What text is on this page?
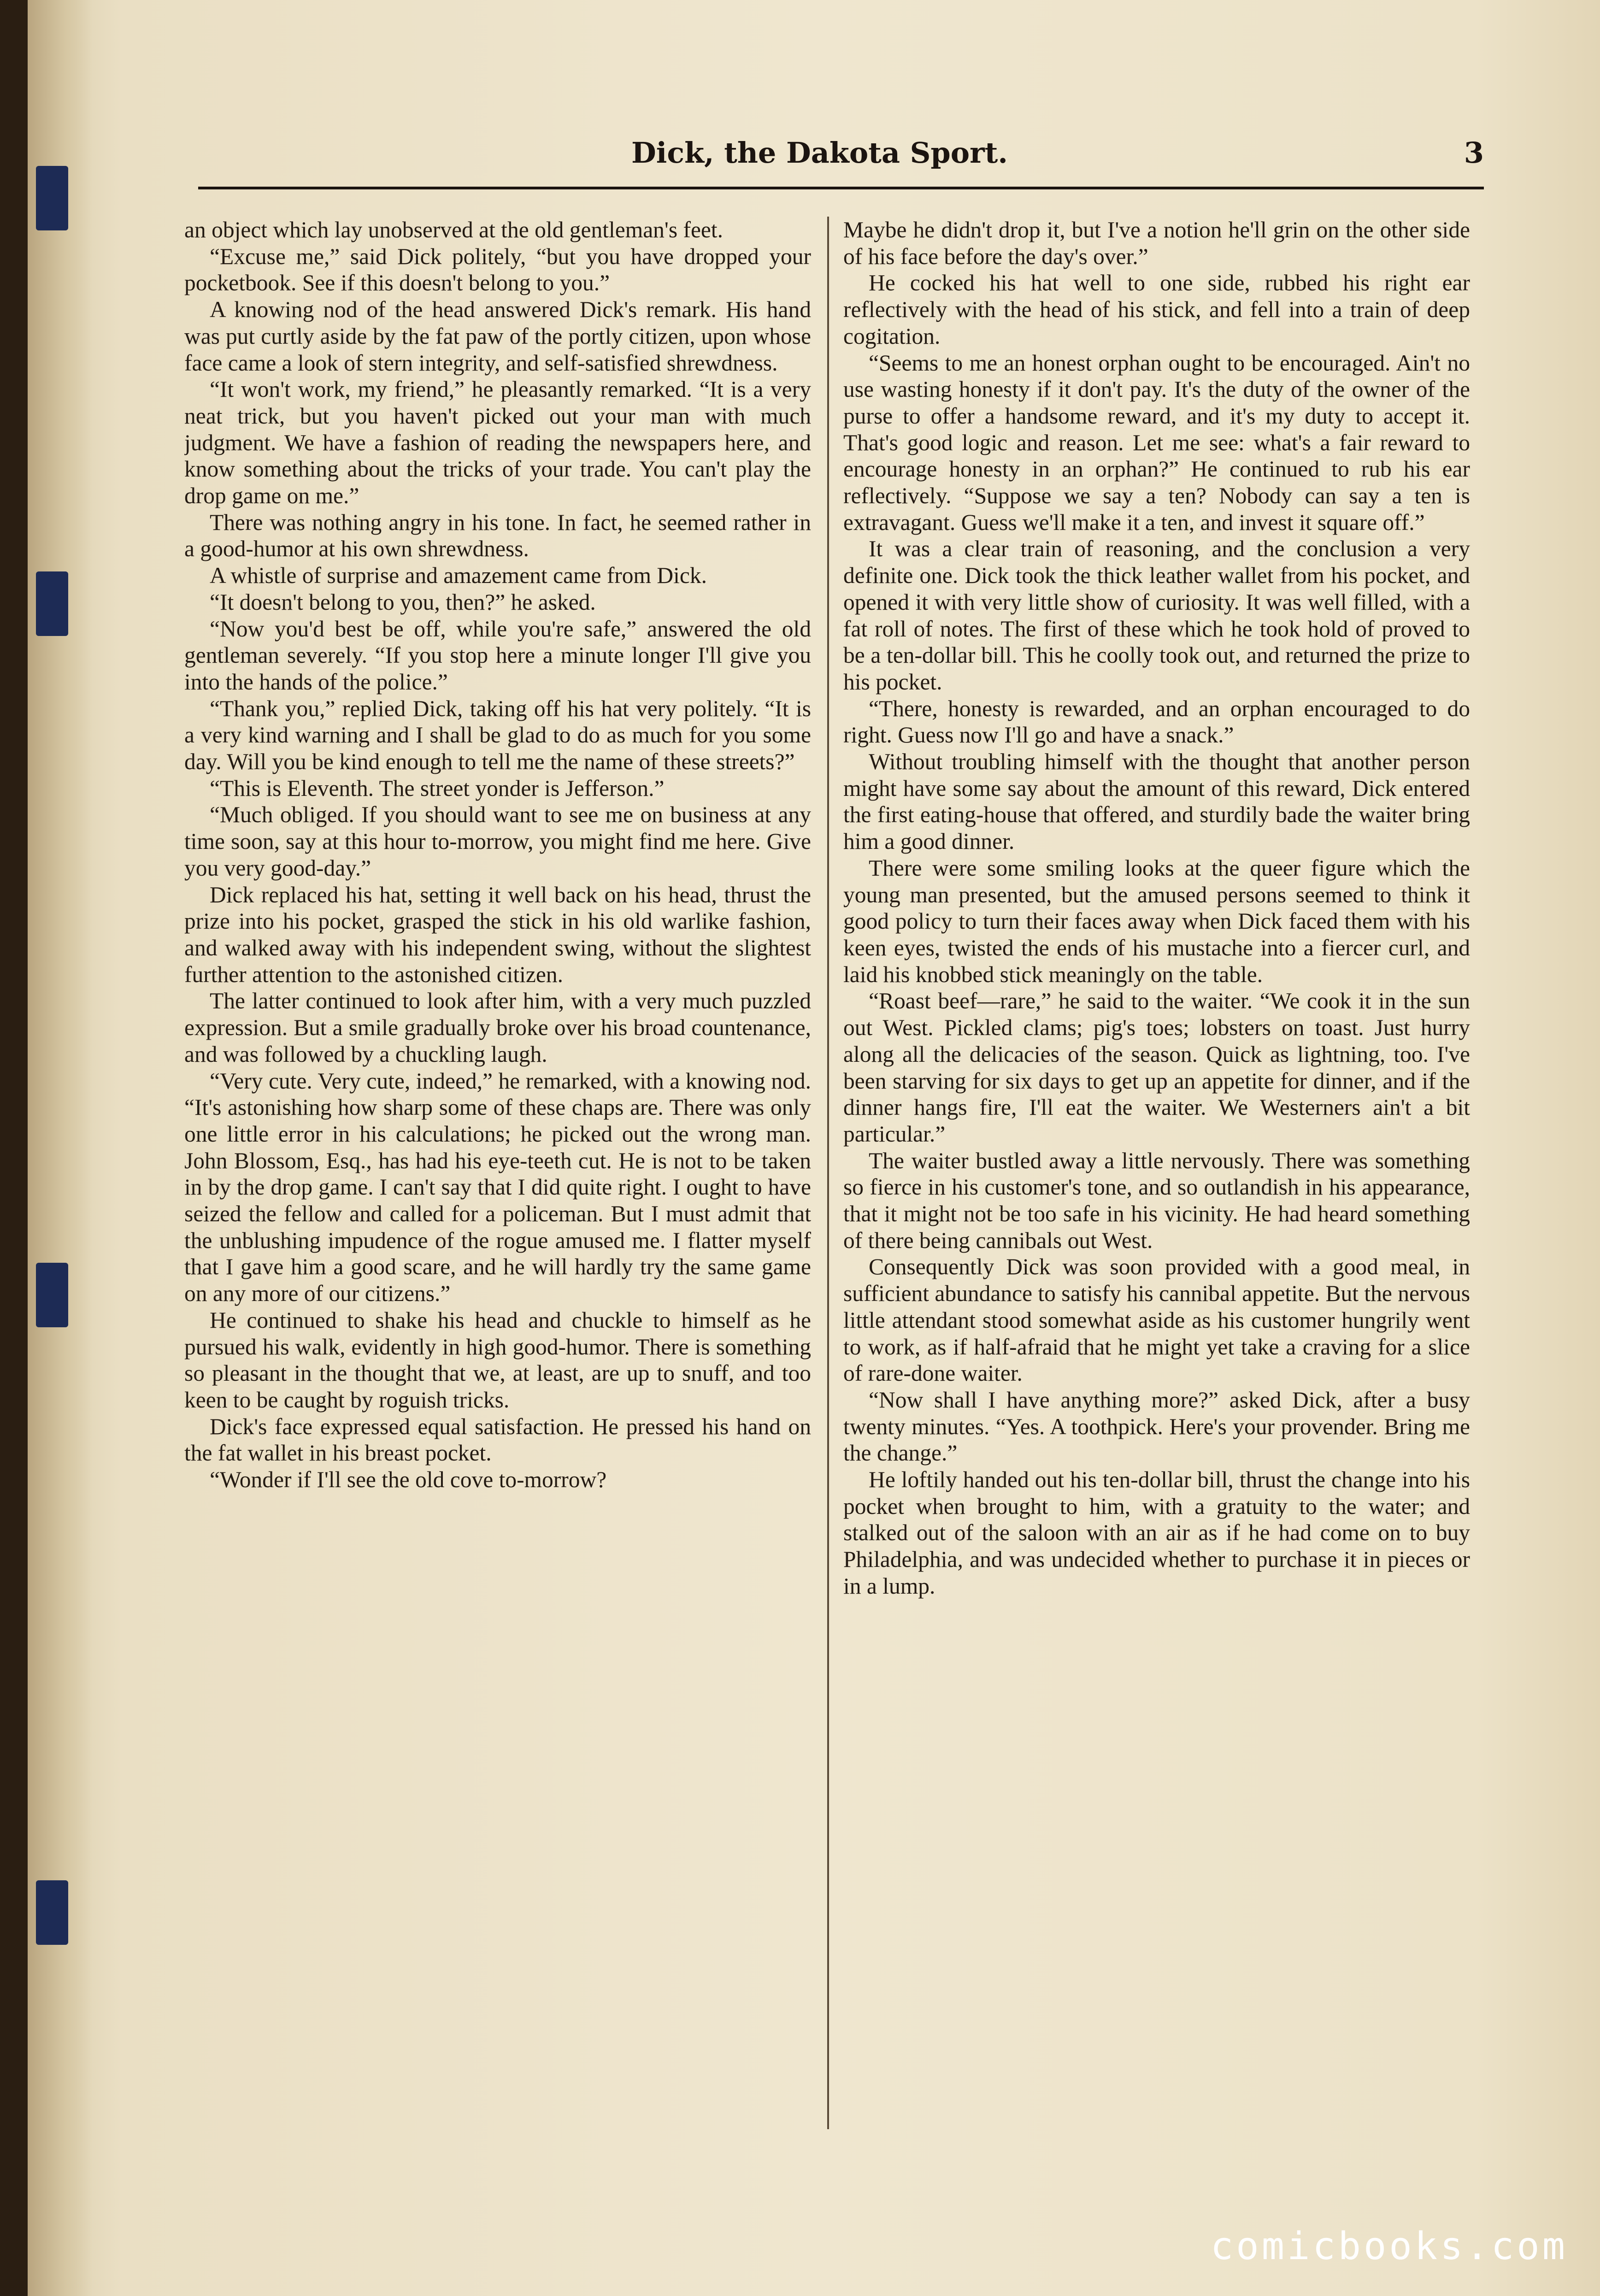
Dick, the Dakota Sport.	3

an object which lay unobserved at the old gentleman's feet.

“Excuse me,” said Dick politely, “but you have dropped your pocketbook. See if this doesn't belong to you.”

A knowing nod of the head answered Dick's remark. His hand was put curtly aside by the fat paw of the portly citizen, upon whose face came a look of stern integrity, and self-satisfied shrewdness.

“It won't work, my friend,” he pleasantly remarked. “It is a very neat trick, but you haven't picked out your man with much judgment. We have a fashion of reading the newspapers here, and know something about the tricks of your trade. You can't play the drop game on me.”

There was nothing angry in his tone. In fact, he seemed rather in a good-humor at his own shrewdness.

A whistle of surprise and amazement came from Dick.

“It doesn't belong to you, then?” he asked.

“Now you'd best be off, while you're safe,” answered the old gentleman severely. “If you stop here a minute longer I'll give you into the hands of the police.”

“Thank you,” replied Dick, taking off his hat very politely. “It is a very kind warning and I shall be glad to do as much for you some day. Will you be kind enough to tell me the name of these streets?”

“This is Eleventh. The street yonder is Jefferson.”

“Much obliged. If you should want to see me on business at any time soon, say at this hour to-morrow, you might find me here. Give you very good-day.”

Dick replaced his hat, setting it well back on his head, thrust the prize into his pocket, grasped the stick in his old warlike fashion, and walked away with his independent swing, without the slightest further attention to the astonished citizen.

The latter continued to look after him, with a very much puzzled expression. But a smile gradually broke over his broad countenance, and was followed by a chuckling laugh.

“Very cute. Very cute, indeed,” he remarked, with a knowing nod. “It's astonishing how sharp some of these chaps are. There was only one little error in his calculations; he picked out the wrong man. John Blossom, Esq., has had his eye-teeth cut. He is not to be taken in by the drop game. I can't say that I did quite right. I ought to have seized the fellow and called for a policeman. But I must admit that the unblushing impudence of the rogue amused me. I flatter myself that I gave him a good scare, and he will hardly try the same game on any more of our citizens.”

He continued to shake his head and chuckle to himself as he pursued his walk, evidently in high good-humor. There is something so pleasant in the thought that we, at least, are up to snuff, and too keen to be caught by roguish tricks.

Dick's face expressed equal satisfaction. He pressed his hand on the fat wallet in his breast pocket.

“Wonder if I'll see the old cove to-morrow?

Maybe he didn't drop it, but I've a notion he'll grin on the other side of his face before the day's over.”

He cocked his hat well to one side, rubbed his right ear reflectively with the head of his stick, and fell into a train of deep cogitation.

“Seems to me an honest orphan ought to be encouraged. Ain't no use wasting honesty if it don't pay. It's the duty of the owner of the purse to offer a handsome reward, and it's my duty to accept it. That's good logic and reason. Let me see: what's a fair reward to encourage honesty in an orphan?” He continued to rub his ear reflectively. “Suppose we say a ten? Nobody can say a ten is extravagant. Guess we'll make it a ten, and invest it square off.”

It was a clear train of reasoning, and the conclusion a very definite one. Dick took the thick leather wallet from his pocket, and opened it with very little show of curiosity. It was well filled, with a fat roll of notes. The first of these which he took hold of proved to be a ten-dollar bill. This he coolly took out, and returned the prize to his pocket.

“There, honesty is rewarded, and an orphan encouraged to do right. Guess now I'll go and have a snack.”

Without troubling himself with the thought that another person might have some say about the amount of this reward, Dick entered the first eating-house that offered, and sturdily bade the waiter bring him a good dinner.

There were some smiling looks at the queer figure which the young man presented, but the amused persons seemed to think it good policy to turn their faces away when Dick faced them with his keen eyes, twisted the ends of his mustache into a fiercer curl, and laid his knobbed stick meaningly on the table.

“Roast beef—rare,” he said to the waiter. “We cook it in the sun out West. Pickled clams; pig's toes; lobsters on toast. Just hurry along all the delicacies of the season. Quick as lightning, too. I've been starving for six days to get up an appetite for dinner, and if the dinner hangs fire, I'll eat the waiter. We Westerners ain't a bit particular.”

The waiter bustled away a little nervously. There was something so fierce in his customer's tone, and so outlandish in his appearance, that it might not be too safe in his vicinity. He had heard something of there being cannibals out West.

Consequently Dick was soon provided with a good meal, in sufficient abundance to satisfy his cannibal appetite. But the nervous little attendant stood somewhat aside as his customer hungrily went to work, as if half-afraid that he might yet take a craving for a slice of rare-done waiter.

“Now shall I have anything more?” asked Dick, after a busy twenty minutes. “Yes. A toothpick. Here's your provender. Bring me the change.”

He loftily handed out his ten-dollar bill, thrust the change into his pocket when brought to him, with a gratuity to the water; and stalked out of the saloon with an air as if he had come on to buy Philadelphia, and was undecided whether to purchase it in pieces or in a lump.

comicbooks.com
